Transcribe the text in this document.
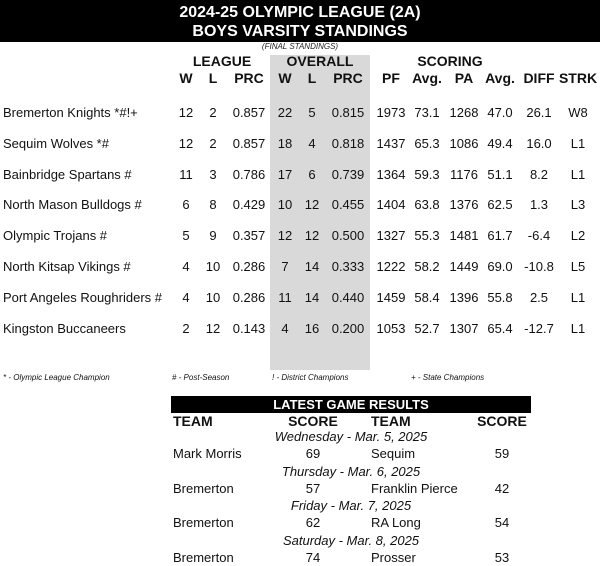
2024-25 OLYMPIC LEAGUE (2A)
BOYS VARSITY STANDINGS
(FINAL STANDINGS)
LEAGUE	OVERALL	SCORING
W	L	PRC	W	L	PRC	PF Avg. PA Avg. DIFF STRK
Bremerton Knights *#!+	12	2	0.857 22	5	0.815 1973 73.1 1268 47.0	26.1	W8
Sequim Wolves *#	12	2	0.857 18	4	0.818 1437 65.3 1086 49.4	16.0	L1
Bainbridge Spartans #	11	3	0.786 17	6	0.739 1364 59.3 1176 51.1	8.2	L1
North Mason Bulldogs #	6	8	0.429 10 12 0.455 1404 63.8 1376 62.5	1.3	L3
Olympic Trojans #	5	9	0.357 12 12 0.500 1327 55.3 1481 61.7	-6.4	L2
North Kitsap Vikings #	4	10 0.286	7	14 0.333 1222 58.2 1449 69.0 -10.8	L5
Port Angeles Roughriders #	4	10 0.286 11	14 0.440 1459 58.4 1396 55.8	2.5	L1
Kingston Buccaneers	2	12 0.143	4	16 0.200 1053 52.7 1307 65.4 -12.7	L1
* - Olympic League Champion	# - Post-Season	! - District Champions	+ - State Champions
LATEST GAME RESULTS
TEAM	SCORE	TEAM	SCORE
Wednesday - Mar. 5, 2025
Mark Morris	69	Sequim	59
Thursday - Mar. 6, 2025
Bremerton	57	Franklin Pierce	42
Friday - Mar. 7, 2025
Bremerton	62	RA Long	54
Saturday - Mar. 8, 2025
Bremerton	74	Prosser	53
